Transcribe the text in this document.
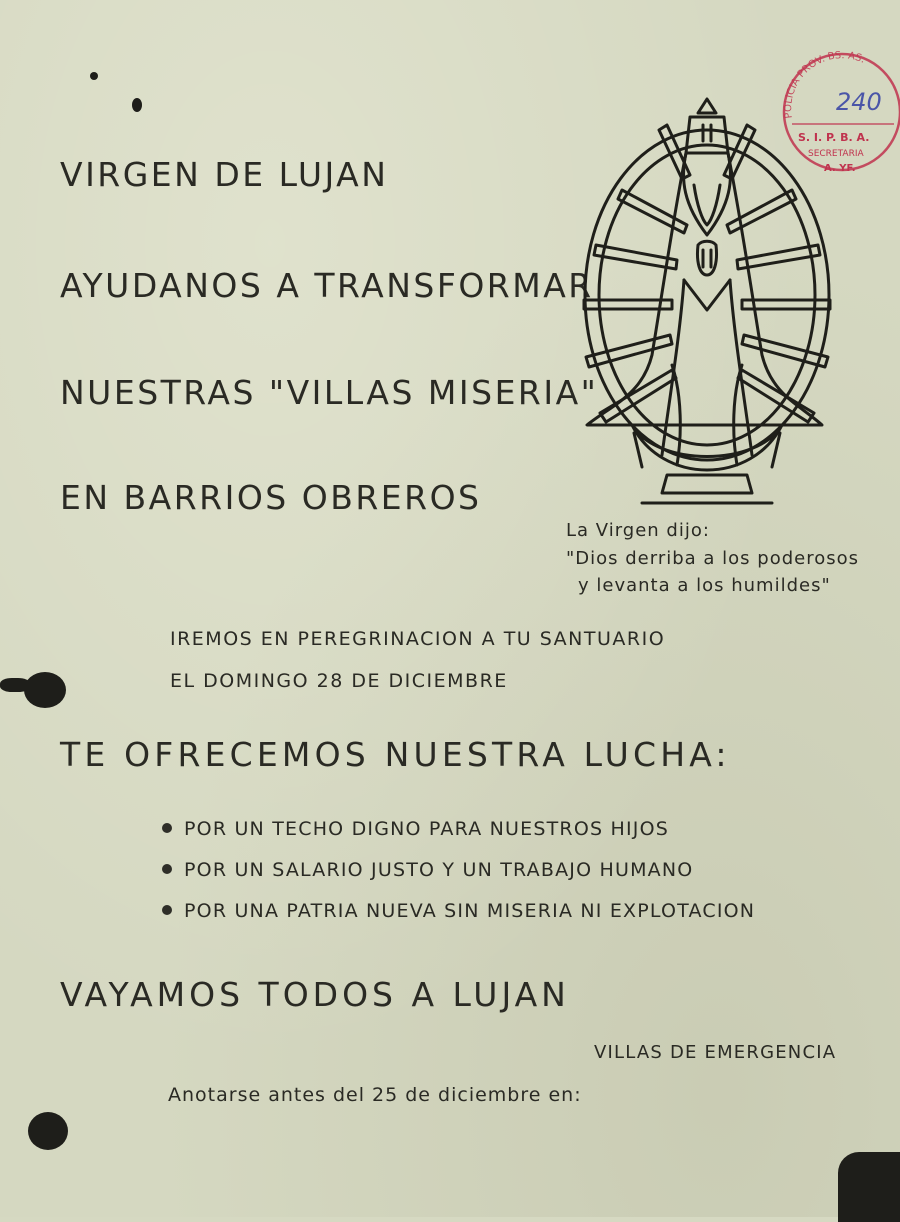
VIRGEN DE LUJAN
AYUDANOS A TRANSFORMAR
NUESTRAS "VILLAS MISERIA"
EN BARRIOS OBREROS
POLICIA PROV. BS. AS.
240
S. I. P. B. A.
SECRETARIA
A. YF.
La Virgen dijo:
"Dios derriba a los poderosos
y levanta a los humildes"
IREMOS EN PEREGRINACION A TU SANTUARIO
EL DOMINGO 28 DE DICIEMBRE
TE OFRECEMOS NUESTRA LUCHA:
POR UN TECHO DIGNO PARA NUESTROS HIJOS
POR UN SALARIO JUSTO Y UN TRABAJO HUMANO
POR UNA PATRIA NUEVA SIN MISERIA NI EXPLOTACION
VAYAMOS TODOS A LUJAN
VILLAS DE EMERGENCIA
Anotarse antes del 25 de diciembre en:
